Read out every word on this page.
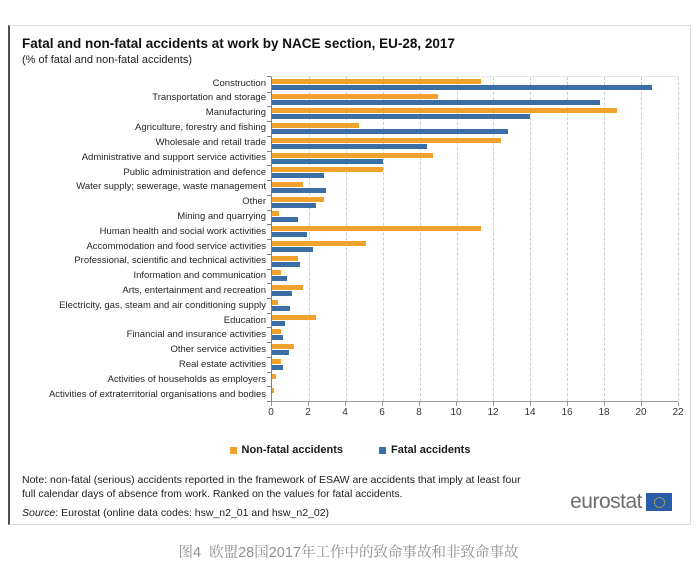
Fatal and non-fatal accidents at work by NACE section, EU-28, 2017
(% of fatal and non-fatal accidents)
Construction
Transportation and storage
Manufacturing
Agriculture, forestry and fishing
Wholesale and retail trade
Administrative and support service activities
Public administration and defence
Water supply; sewerage, waste management
Other
Mining and quarrying
Human health and social work activities
Accommodation and food service activities
Professional, scientific and technical activities
Information and communication
Arts, entertainment and recreation
Electricity, gas, steam and air conditioning supply
Education
Financial and insurance activities
Other service activities
Real estate activities
Activities of households as employers
Activities of extraterritorial organisations and bodies
0	2	4	6	8	10	12	14	16	18	20	22
Non-fatal accidents	Fatal accidents
Note: non-fatal (serious) accidents reported in the framework of ESAW are accidents that imply at least four full calendar days of absence from work. Ranked on the values for fatal accidents.
Source: Eurostat (online data codes: hsw_n2_01 and hsw_n2_02)
eurostat
图4  欧盟28国2017年工作中的致命事故和非致命事故
